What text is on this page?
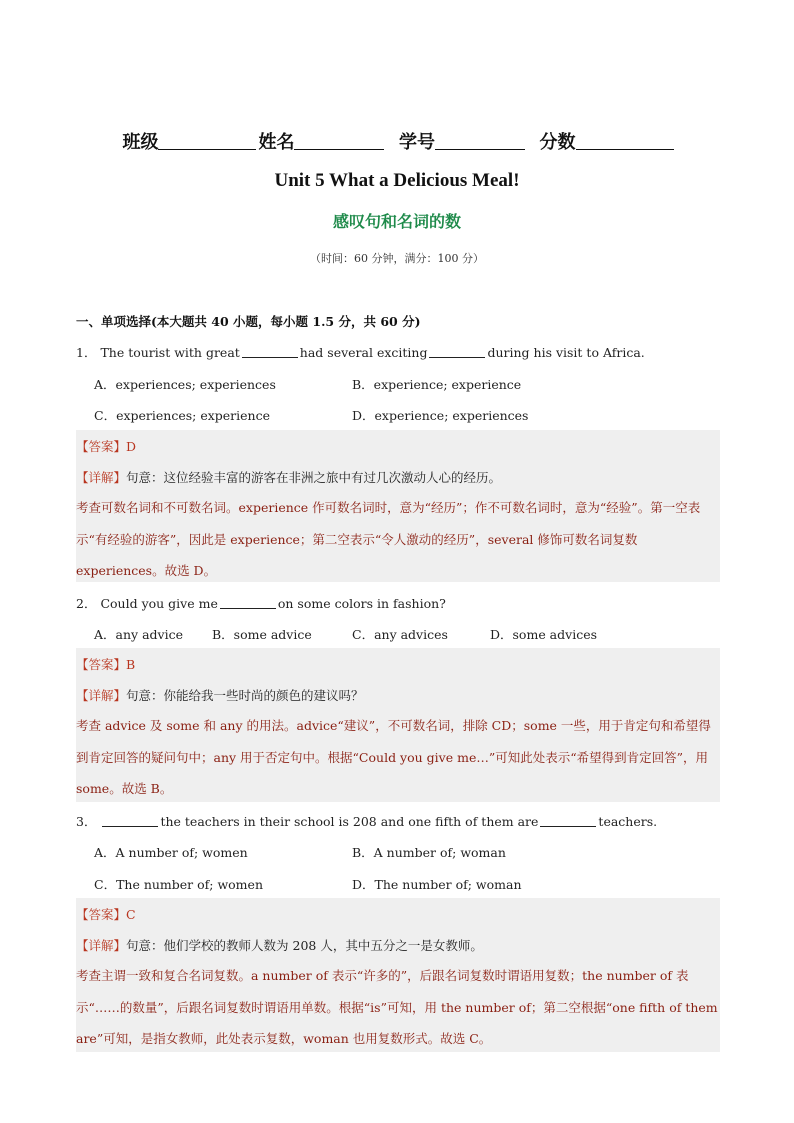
班级	姓名	学号	分数
Unit 5 What a Delicious Meal!
感叹句和名词的数
（时间：60 分钟，满分：100 分）
一、单项选择(本大题共 40 小题，每小题 1.5 分，共 60 分)
1． The tourist with great	had several exciting	during his visit to Africa.
A．experiences; experiences	B．experience; experience
C．experiences; experience	D．experience; experiences
【答案】D
【详解】句意：这位经验丰富的游客在非洲之旅中有过几次激动人心的经历。
考查可数名词和不可数名词。experience 作可数名词时，意为“经历”；作不可数名词时，意为“经验”。第一空表示“有经验的游客”，因此是 experience；第二空表示“令人激动的经历”，several 修饰可数名词复数 experiences。故选 D。
2． Could you give me	on some colors in fashion?
A．any advice B．some advice	C．any advices	D．some advices
【答案】B
【详解】句意：你能给我一些时尚的颜色的建议吗？
考查 advice 及 some 和 any 的用法。advice“建议”，不可数名词，排除 CD；some 一些，用于肯定句和希望得到肯定回答的疑问句中；any 用于否定句中。根据“Could you give me…”可知此处表示“希望得到肯定回答”，用 some。故选 B。
3．	the teachers in their school is 208 and one fifth of them are	teachers.
A．A number of; women	B．A number of; woman
C．The number of; women	D．The number of; woman
【答案】C
【详解】句意：他们学校的教师人数为 208 人，其中五分之一是女教师。
考查主谓一致和复合名词复数。a number of 表示“许多的”，后跟名词复数时谓语用复数；the number of 表示“……的数量”，后跟名词复数时谓语用单数。根据“is”可知，用 the number of；第二空根据“one fifth of them are”可知，是指女教师，此处表示复数，woman 也用复数形式。故选 C。
